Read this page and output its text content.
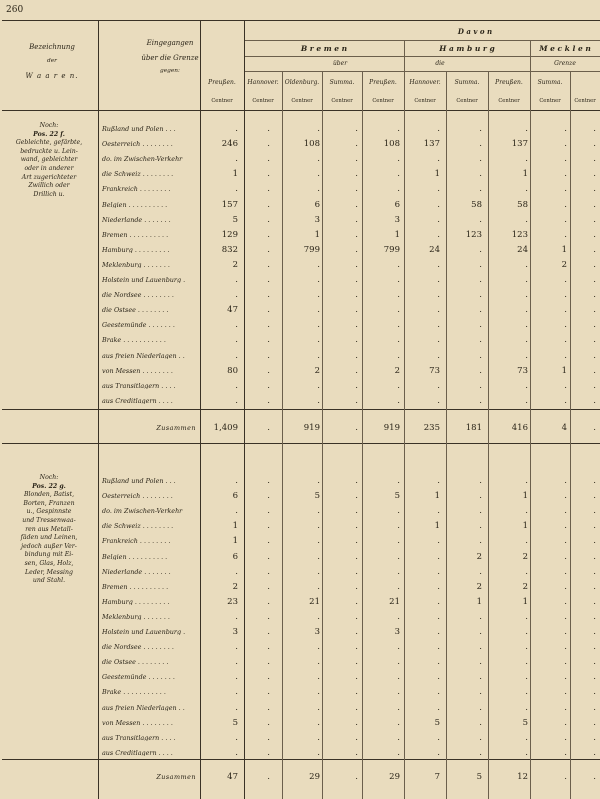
260
Bezeichnung
der
W a a r e n.
Eingegangen
über die Grenze
gegen:
D a v o n
über	die	Grenze
B r e m e n	H a m b u r g	M e c k l e n
Preußen.	Hannover.	Oldenburg.	Summa.	Preußen.	Hannover.	Summa.	Preußen.	Summa.
Centner	Centner	Centner	Centner	Centner	Centner	Centner	Centner	Centner	Centner
Noch:
Pos. 22 f.
Gebleichte, gefärbte,
bedruckte u. Lein-
wand, gebleichter
oder in anderer
Art zugerichteter
Zwillich oder
Drillich u.
Rußland und Polen . . .	.	.	.	.	.	.	.	.	.	.
Oesterreich . . . . . . . .	246	.	108	.	108	137	.	137	.	.
do. im Zwischen-Verkehr	.	.	.	.	.	.	.	.	.	.
die Schweiz . . . . . . . .	1	.	.	.	.	1	.	1	.	.
Frankreich . . . . . . . .	.	.	.	.	.	.	.	.	.	.
Belgien . . . . . . . . . .	157	.	6	.	6	.	58	58	.	.
Niederlande . . . . . . .	5	.	3	.	3	.	.	.	.	.
Bremen . . . . . . . . . .	129	.	1	.	1	.	123	123	.	.
Hamburg . . . . . . . . .	832	.	799	.	799	24	.	24	1	.
Meklenburg . . . . . . .	2	.	.	.	.	.	.	.	2	.
Holstein und Lauenburg .	.	.	.	.	.	.	.	.	.	.
die Nordsee . . . . . . . .	.	.	.	.	.	.	.	.	.	.
die Ostsee . . . . . . . .	47	.	.	.	.	.	.	.	.	.
Geestemünde . . . . . . .	.	.	.	.	.	.	.	.	.	.
Brake . . . . . . . . . . .	.	.	.	.	.	.	.	.	.	.
aus freien Niederlagen . .	.	.	.	.	.	.	.	.	.	.
von Messen . . . . . . . .	80	.	2	.	2	73	.	73	1	.
aus Transitlagern . . . .	.	.	.	.	.	.	.	.	.	.
aus Creditlagern . . . .	.	.	.	.	.	.	.	.	.	.
Zusammen	1,409	.	919	.	919	235	181	416	4	.
Noch:
Pos. 22 g.
Blonden, Batist,
Borten, Franzen
u., Gespinnste
und Tressenwaa-
ren aus Metall-
fäden und Leinen,
jedoch außer Ver-
bindung mit Ei-
sen, Glas, Holz,
Leder, Messing
und Stahl.
Rußland und Polen . . .	.	.	.	.	.	.	.	.	.	.
Oesterreich . . . . . . . .	6	.	5	.	5	1	.	1	.	.
do. im Zwischen-Verkehr	.	.	.	.	.	.	.	.	.	.
die Schweiz . . . . . . . .	1	.	.	.	.	1	.	1	.	.
Frankreich . . . . . . . .	1	.	.	.	.	.	.	.	.	.
Belgien . . . . . . . . . .	6	.	.	.	.	.	2	2	.	.
Niederlande . . . . . . .	.	.	.	.	.	.	.	.	.	.
Bremen . . . . . . . . . .	2	.	.	.	.	.	2	2	.	.
Hamburg . . . . . . . . .	23	.	21	.	21	.	1	1	.	.
Meklenburg . . . . . . .	.	.	.	.	.	.	.	.	.	.
Holstein und Lauenburg .	3	.	3	.	3	.	.	.	.	.
die Nordsee . . . . . . . .	.	.	.	.	.	.	.	.	.	.
die Ostsee . . . . . . . .	.	.	.	.	.	.	.	.	.	.
Geestemünde . . . . . . .	.	.	.	.	.	.	.	.	.	.
Brake . . . . . . . . . . .	.	.	.	.	.	.	.	.	.	.
aus freien Niederlagen . .	.	.	.	.	.	.	.	.	.	.
von Messen . . . . . . . .	5	.	.	.	.	5	.	5	.	.
aus Transitlagern . . . .	.	.	.	.	.	.	.	.	.	.
aus Creditlagern . . . .	.	.	.	.	.	.	.	.	.	.
Zusammen	47	.	29	.	29	7	5	12	.	.
